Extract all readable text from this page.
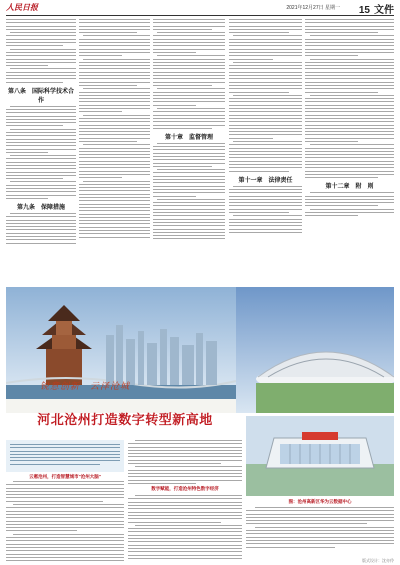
人民日报	2021年12月27日 星期一 15 文件
第八条　国际科学技术合作
第九条　保障措施
第十章　监督管理
第十一章　法律责任
第十二章　附　则
锐意创新　云泽沧城
河北沧州打造数字转型新高地
云惠沧州，打造智慧城市"沧州大脑"
数字赋能，打造沧州特色数字经济
图：沧州高新区华为云数据中心
版式设计：沈亦伶
